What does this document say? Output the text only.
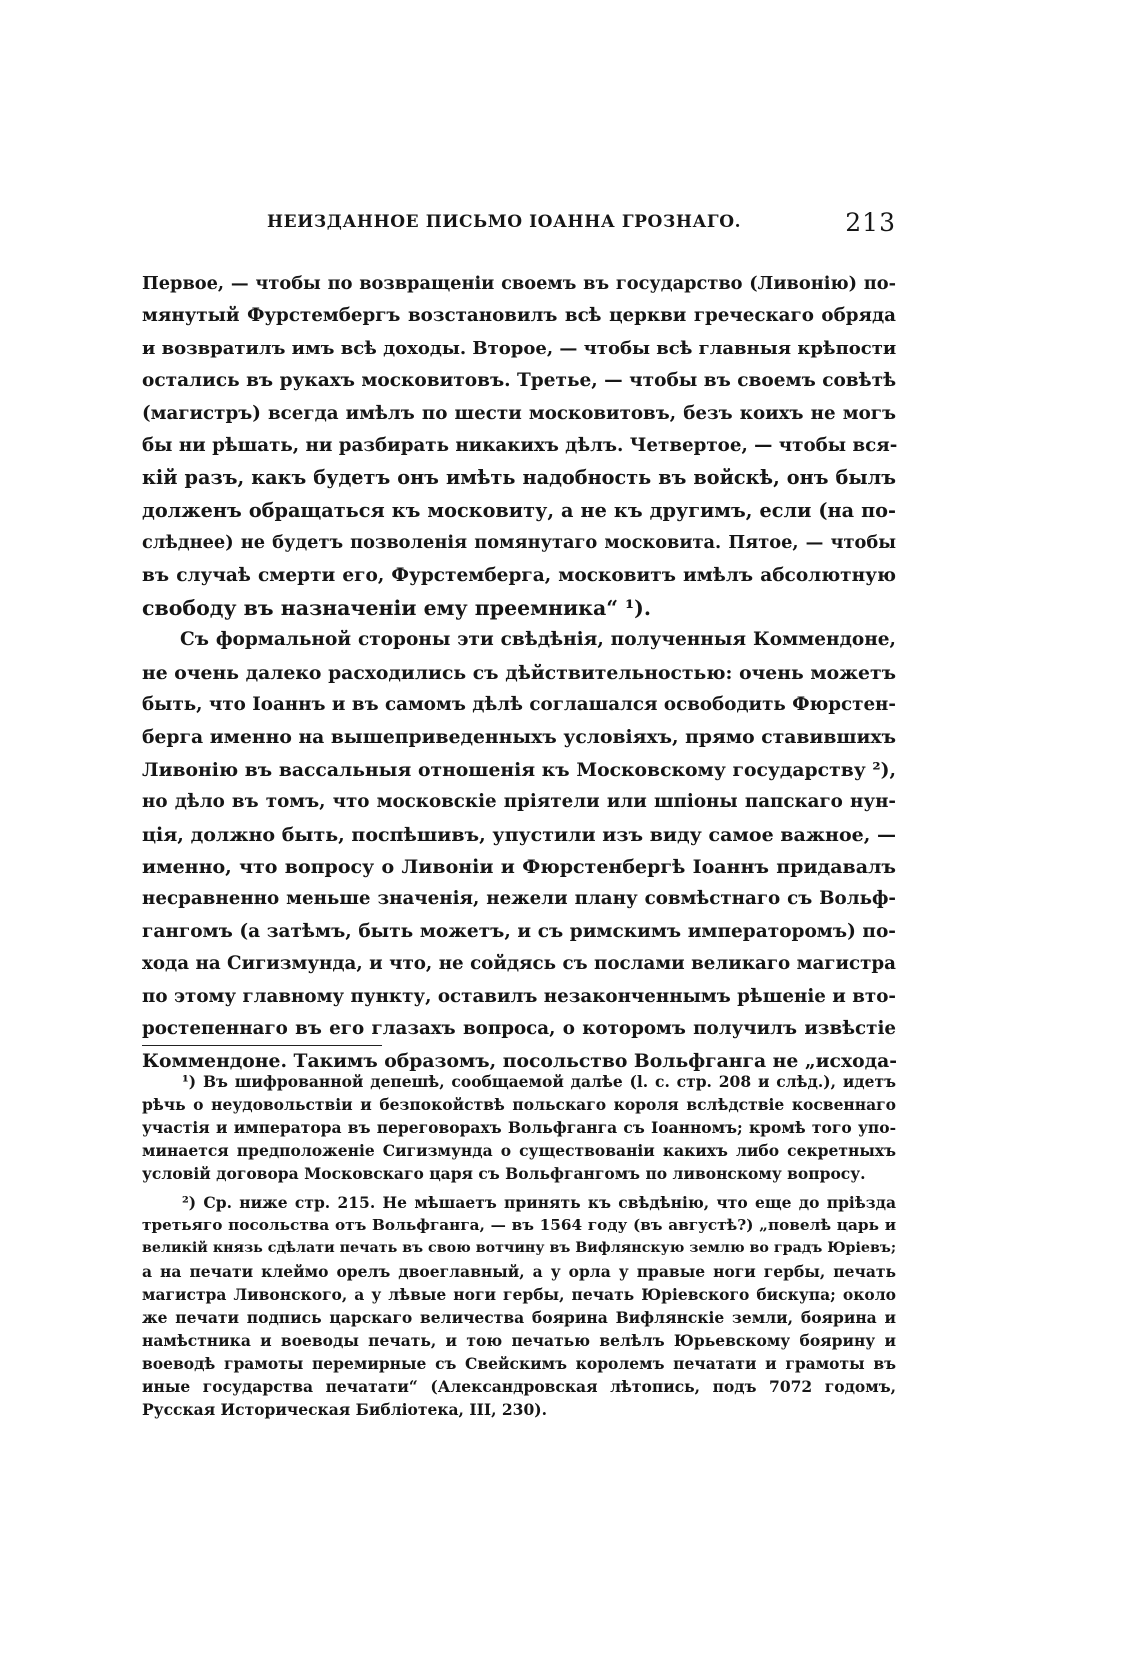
НЕИЗДАННОЕ ПИСЬМО ІОАННА ГРОЗНАГО.	213
Первое, — чтобы по возвращеніи своемъ въ государство (Ливонію) по-
мянутый Фурстембергъ возстановилъ всѣ церкви греческаго обряда
и возвратилъ имъ всѣ доходы. Второе, — чтобы всѣ главныя крѣпости
остались въ рукахъ московитовъ. Третье, — чтобы въ своемъ совѣтѣ
(магистръ) всегда имѣлъ по шести московитовъ, безъ коихъ не могъ
бы ни рѣшать, ни разбирать никакихъ дѣлъ. Четвертое, — чтобы вся-
кій разъ, какъ будетъ онъ имѣть надобность въ войскѣ, онъ былъ
долженъ обращаться къ московиту, а не къ другимъ, если (на по-
слѣднее) не будетъ позволенія помянутаго московита. Пятое, — чтобы
въ случаѣ смерти его, Фурстемберга, московитъ имѣлъ абсолютную
свободу въ назначеніи ему преемника“ ¹).
Съ формальной стороны эти свѣдѣнія, полученныя Коммендоне,
не очень далеко расходились съ дѣйствительностью: очень можетъ
быть, что Іоаннъ и въ самомъ дѣлѣ соглашался освободить Фюрстен-
берга именно на вышеприведенныхъ условіяхъ, прямо ставившихъ
Ливонію въ вассальныя отношенія къ Московскому государству ²),
но дѣло въ томъ, что московскіе пріятели или шпіоны папскаго нун-
ція, должно быть, поспѣшивъ, упустили изъ виду самое важное, —
именно, что вопросу о Ливоніи и Фюрстенбергѣ Іоаннъ придавалъ
несравненно меньше значенія, нежели плану совмѣстнаго съ Вольф-
гангомъ (а затѣмъ, быть можетъ, и съ римскимъ императоромъ) по-
хода на Сигизмунда, и что, не сойдясь съ послами великаго магистра
по этому главному пункту, оставилъ незаконченнымъ рѣшеніе и вто-
ростепеннаго въ его глазахъ вопроса, о которомъ получилъ извѣстіе
Коммендоне. Такимъ образомъ, посольство Вольфганга не „исхода-
¹) Въ шифрованной депешѣ, сообщаемой далѣе (l. с. стр. 208 и слѣд.), идетъ
рѣчь о неудовольствіи и безпокойствѣ польскаго короля вслѣдствіе косвеннаго
участія и императора въ переговорахъ Вольфганга съ Іоанномъ; кромѣ того упо-
минается предположеніе Сигизмунда о существованіи какихъ либо секретныхъ
условій договора Московскаго царя съ Вольфгангомъ по ливонскому вопросу.
²) Ср. ниже стр. 215. Не мѣшаетъ принять къ свѣдѣнію, что еще до пріѣзда
третьяго посольства отъ Вольфганга, — въ 1564 году (въ августѣ?) „повелѣ царь и
великій князь сдѣлати печать въ свою вотчину въ Вифлянскую землю во градъ Юріевъ;
а на печати клеймо орелъ двоеглавный, а у орла у правые ноги гербы, печать
магистра Ливонского, а у лѣвые ноги гербы, печать Юріевского бискупа; около
же печати подпись царскаго величества боярина Вифлянскіе земли, боярина и
намѣстника и воеводы печать, и тою печатью велѣлъ Юрьевскому боярину и
воеводѣ грамоты перемирные съ Свейскимъ королемъ печатати и грамоты въ
иные государства печатати“ (Александровская лѣтопись, подъ 7072 годомъ,
Русская Историческая Библіотека, III, 230).
